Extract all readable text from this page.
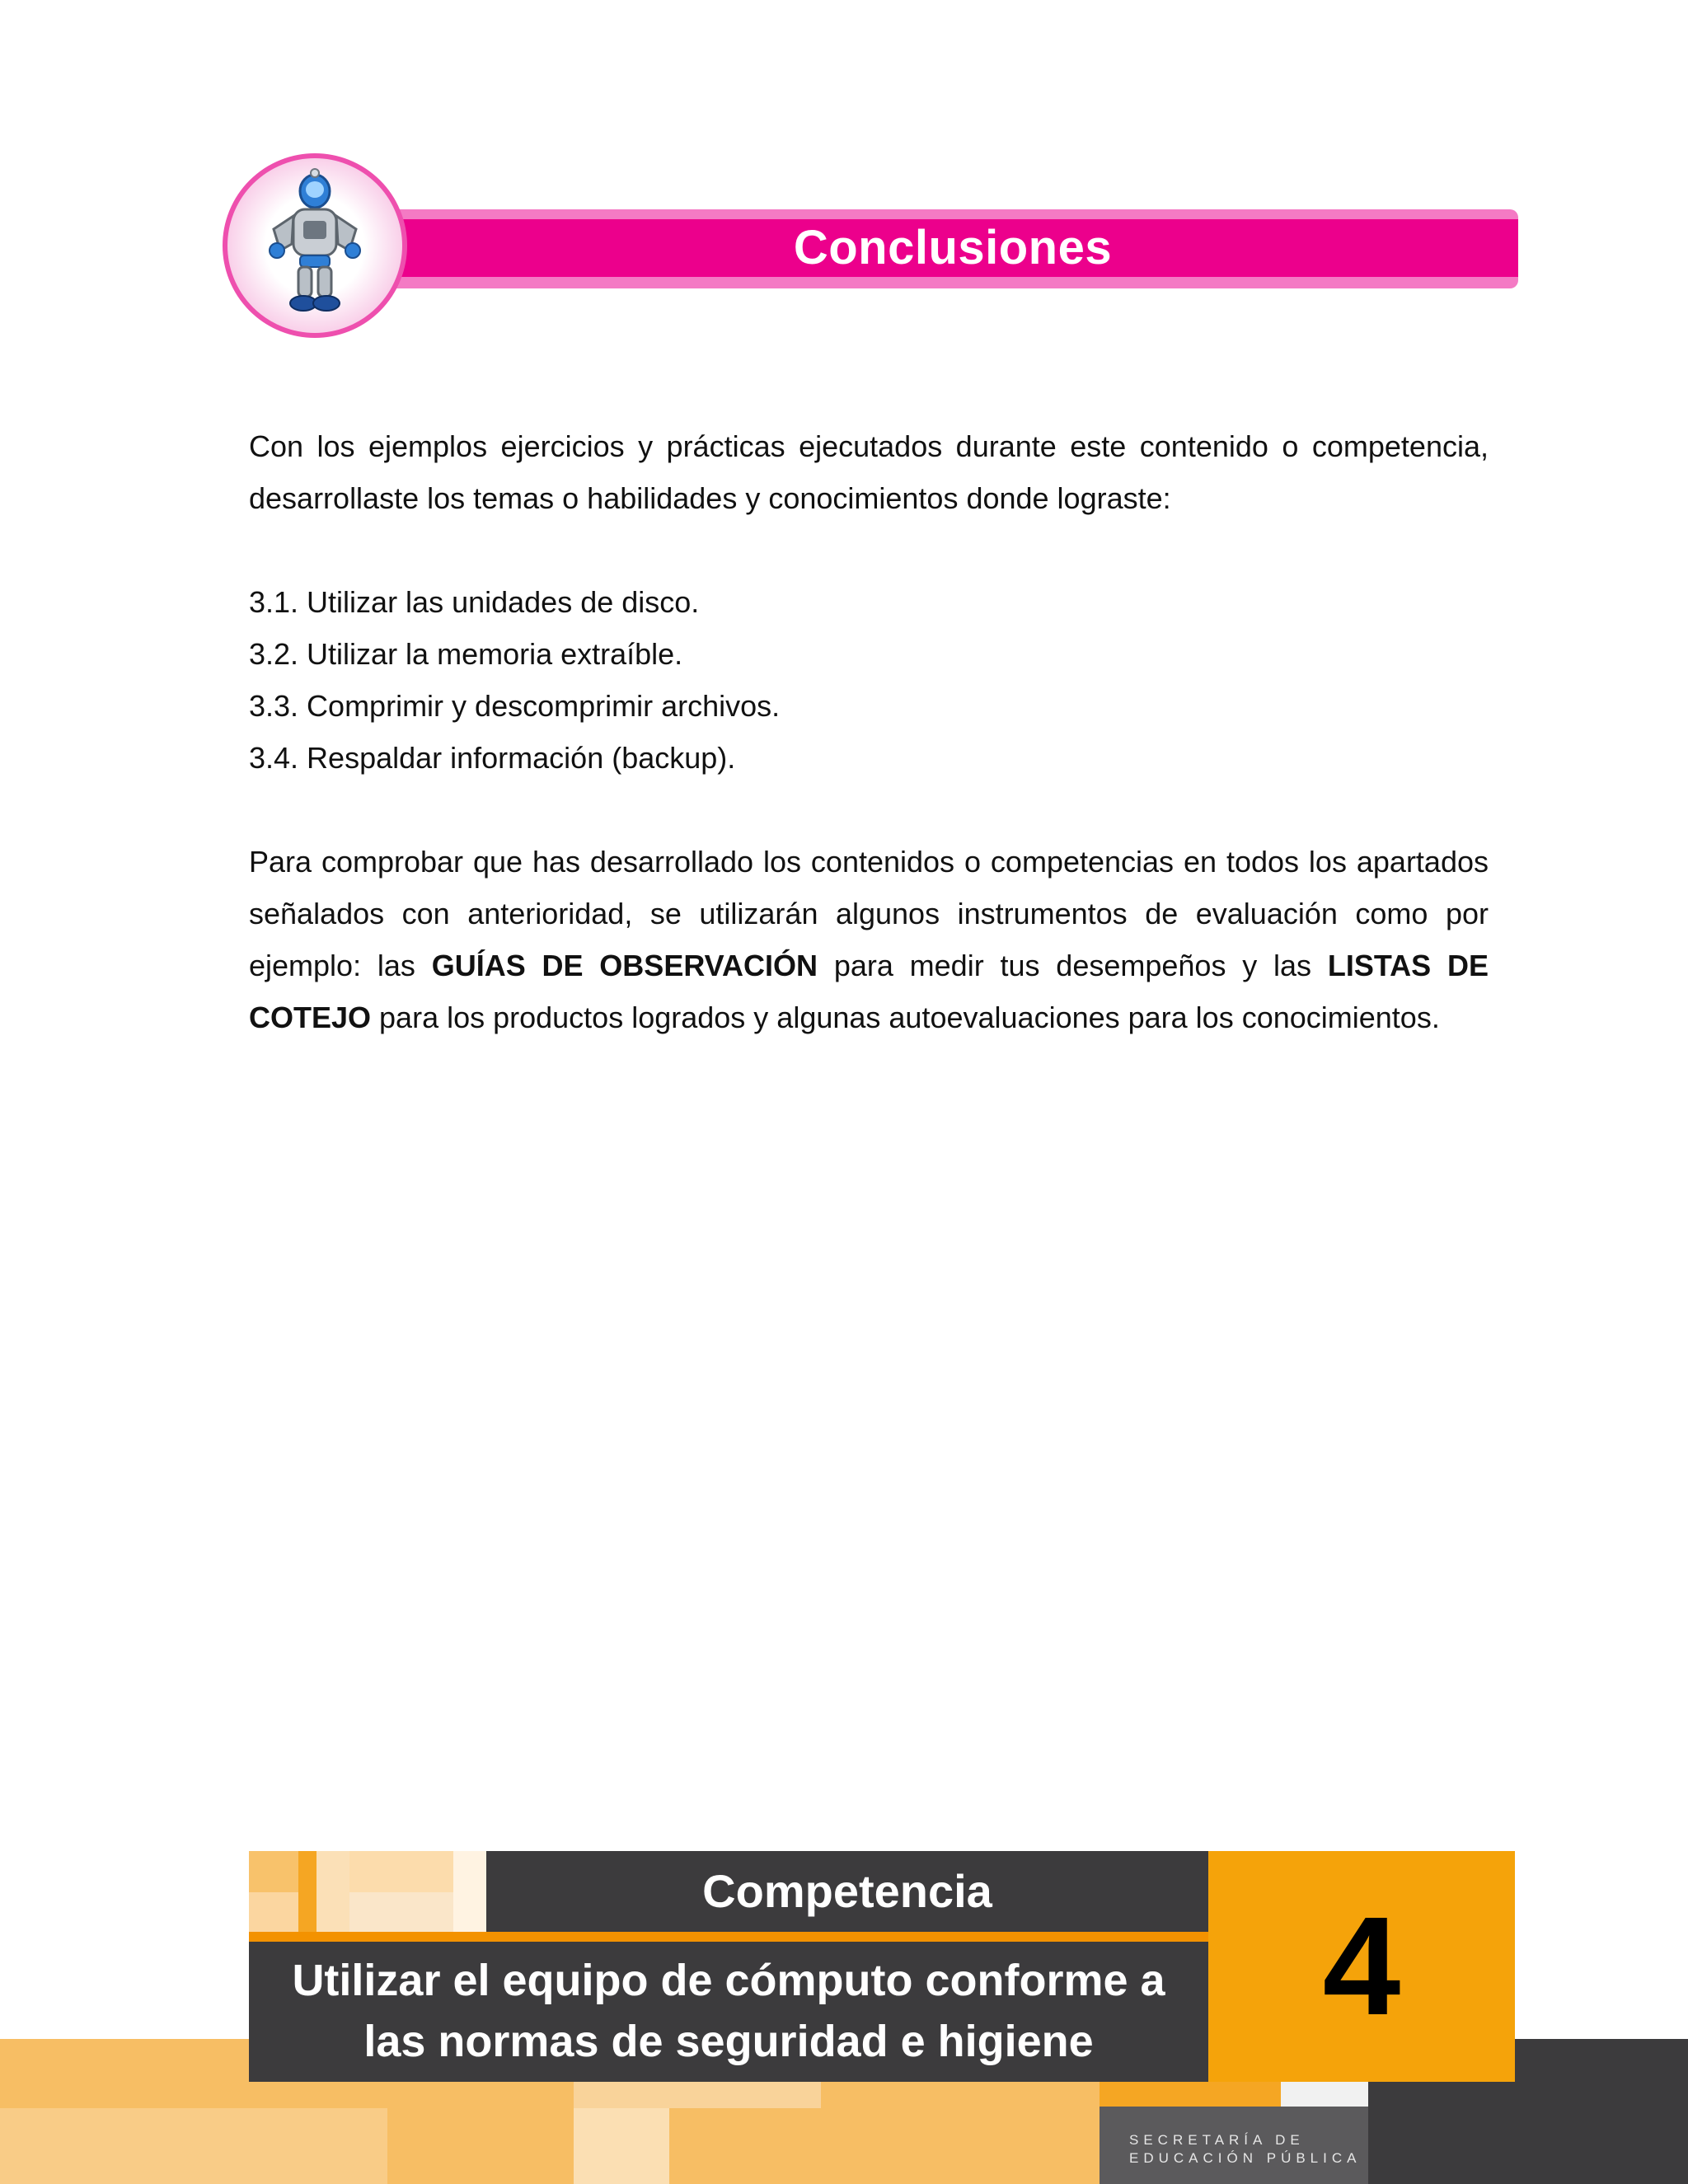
Conclusiones

Con los ejemplos ejercicios y prácticas ejecutados durante este contenido o competencia, desarrollaste los temas o habilidades y conocimientos donde lograste:

3.1. Utilizar las unidades de disco.
3.2. Utilizar la memoria extraíble.
3.3. Comprimir y descomprimir archivos.
3.4. Respaldar información (backup).

Para comprobar que has desarrollado los contenidos o competencias en todos los apartados señalados con anterioridad, se utilizarán algunos instrumentos de evaluación como por ejemplo: las GUÍAS DE OBSERVACIÓN para medir tus desempeños y las LISTAS DE COTEJO para los productos logrados y algunas autoevaluaciones para los conocimientos.

SECRETARÍA DE
EDUCACIÓN PÚBLICA
Competencia
Utilizar el equipo de cómputo conforme a
las normas de seguridad e higiene	4
